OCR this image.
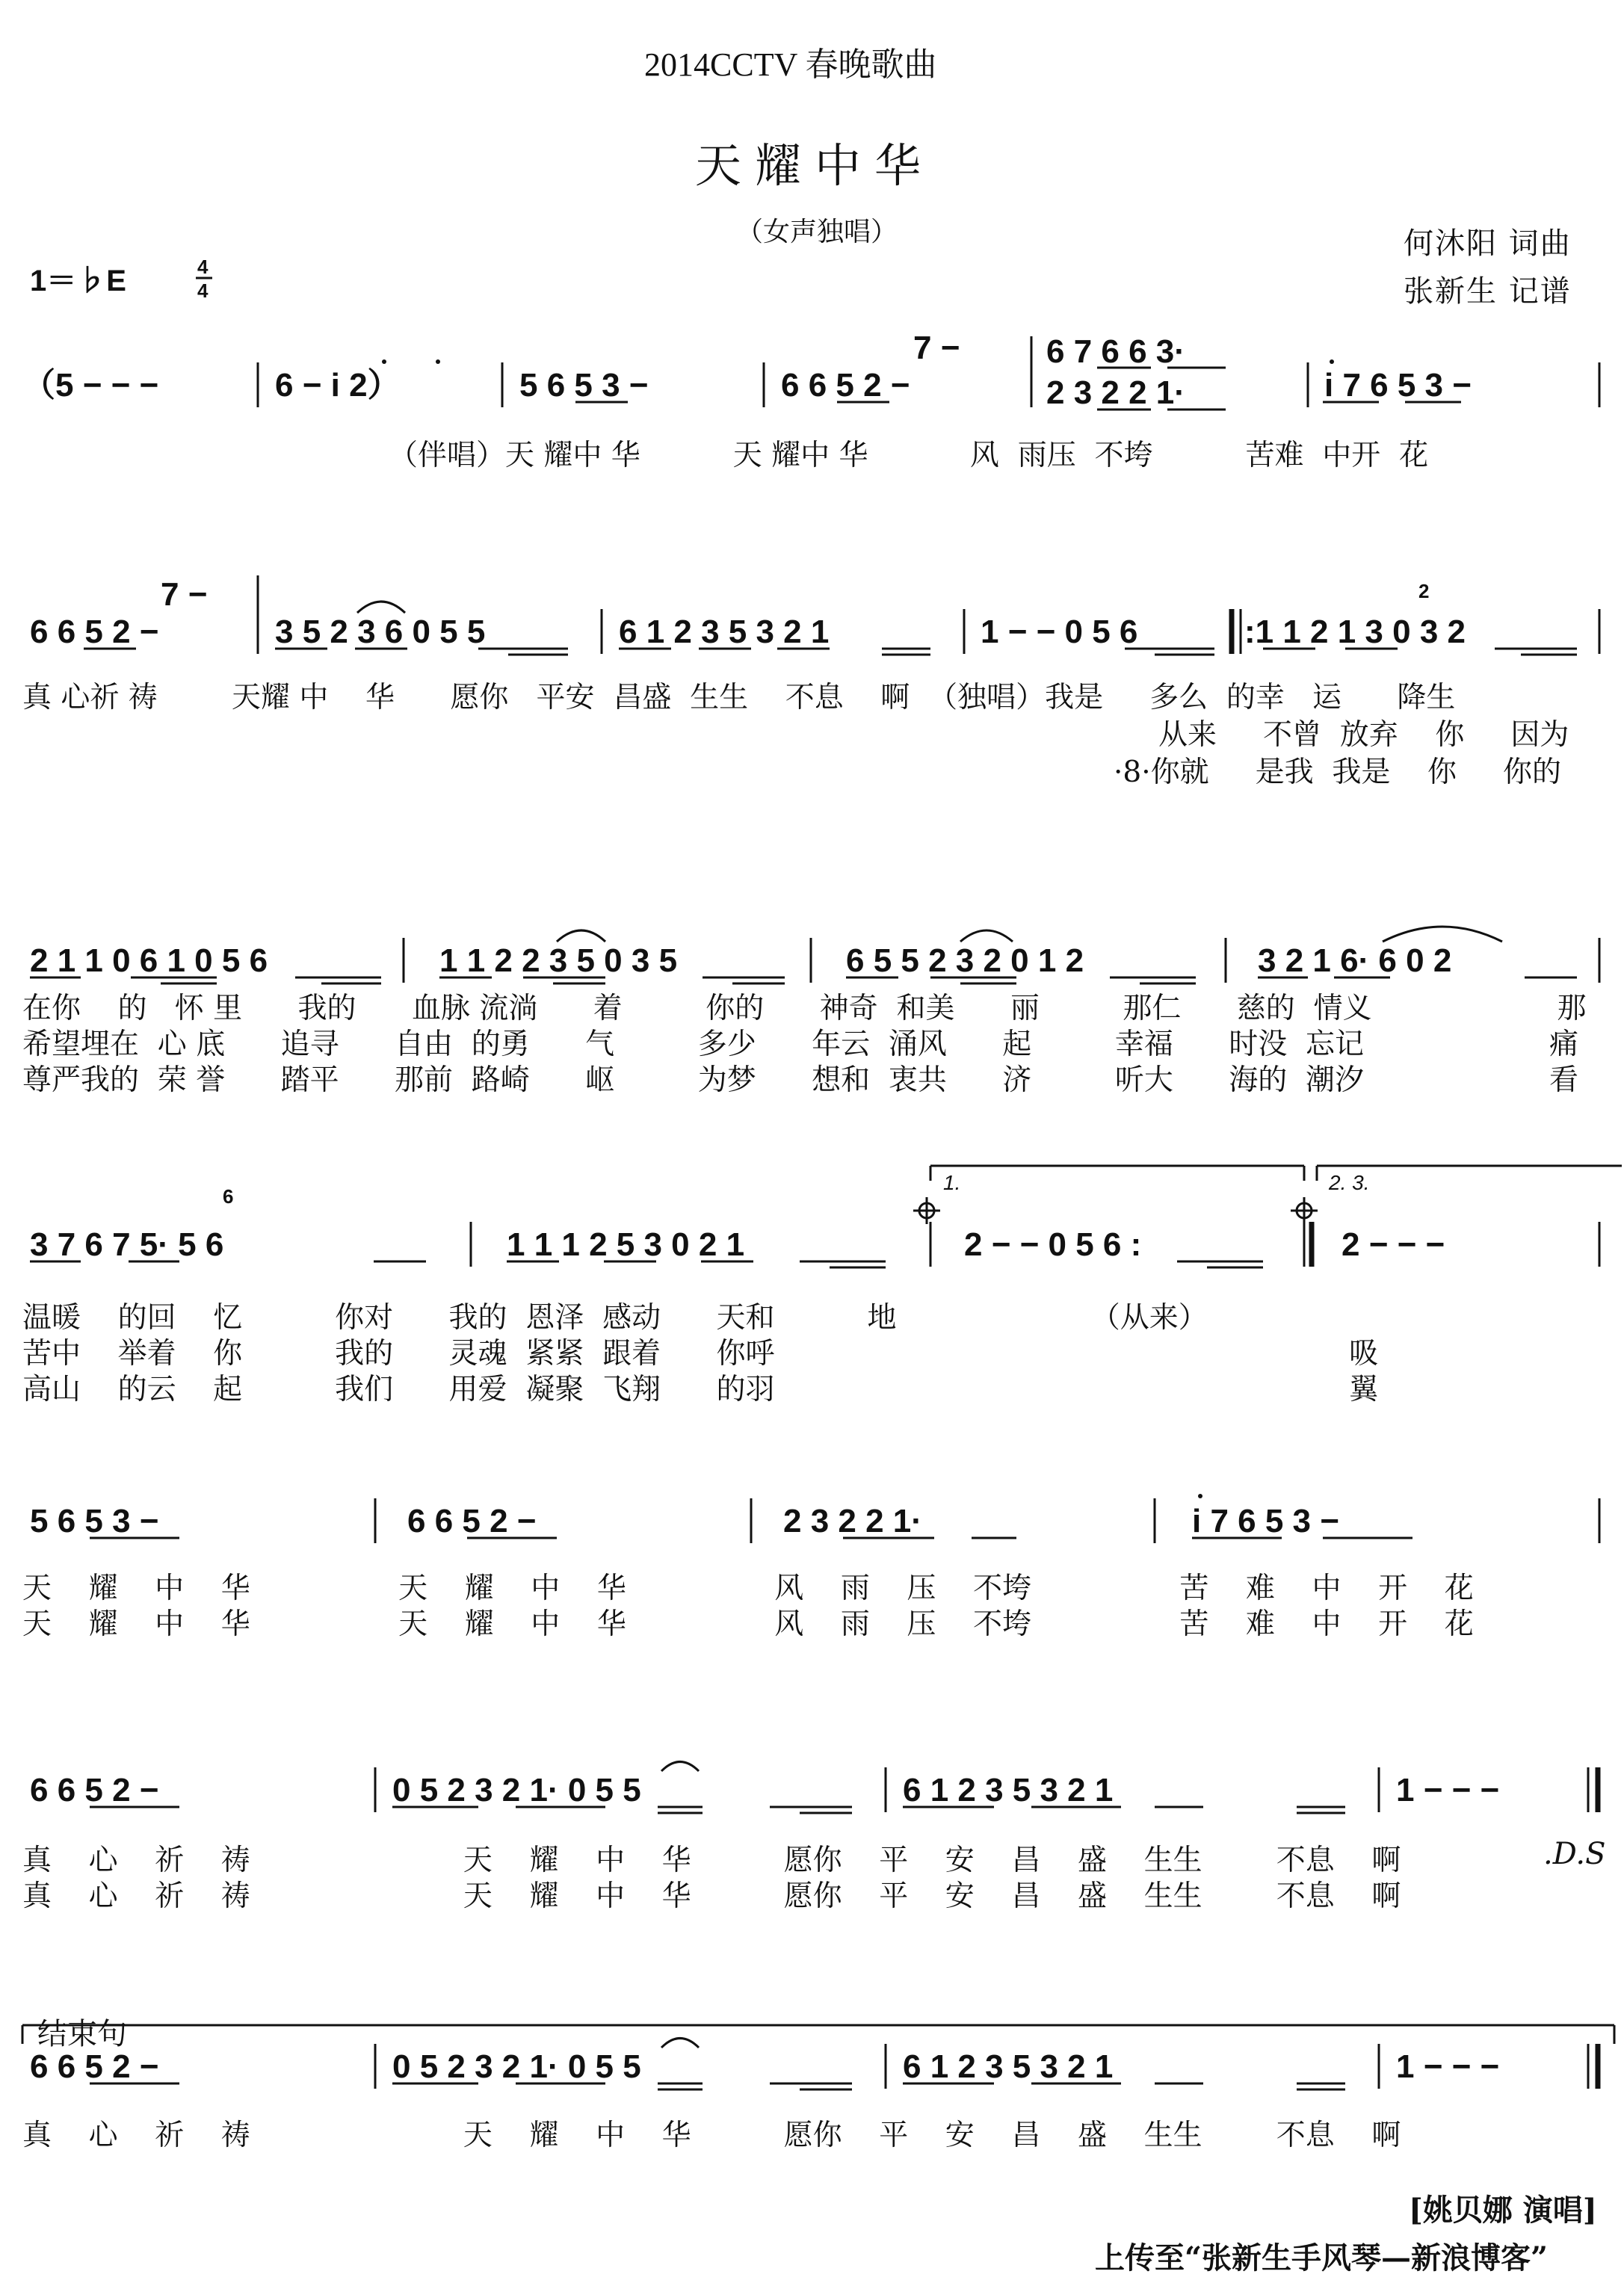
2014CCTV 春晚歌曲
天耀中华
（女声独唱）	何沐阳 词曲
张新生 记谱
1＝♭E	4
4
（5 − − −	6 − i 2）	5 6 5 3 −	6 6 5 2 −
7 −	6 7 6 6 3·
2 3 2 2 1·	i 7 6 5 3 −
（伴唱）天 耀中 华          天 耀中 华           风  雨压  不垮          苦难  中开  花
6 6 5 2 −
7 −
3 5 2 3 6 0 5 5	6 1 2 3 5 3 2 1	1 − − 0 5 6	:1 1 2 1 3 0 3 2
2
真 心祈 祷        天耀 中    华      愿你   平安  昌盛  生生    不息    啊  （独唱）我是     多么  的幸   运      降生
从来     不曾  放弃    你     因为
·8·你就     是我  我是    你     你的
2 1 1 0 6 1 0 5 6	1 1 2 2 3 5 0 3 5	6 5 5 2 3 2 0 1 2	3 2 1 6· 6 0 2
在你    的   怀 里      我的      血脉 流淌      着         你的      神奇  和美      丽         那仁      慈的  情义                    那
希望埋在  心 底      追寻      自由  的勇      气         多少      年云  涌风      起         幸福      时没  忘记                    痛
尊严我的  荣 誉      踏平      那前  路崎      岖         为梦      想和  衷共      济         听大      海的  潮汐                    看
1.	2. 3.
3 7 6 7 5· 5 6
6
1 1 1 2 5 3 0 2 1	2 − − 0 5 6 :	2 − − −
温暖    的回    忆          你对      我的  恩泽  感动      天和          地                     （从来）
苦中    举着    你          我的      灵魂  紧紧  跟着      你呼                                                              吸
高山    的云    起          我们      用爱  凝聚  飞翔      的羽                                                              翼
5 6 5 3 −	6 6 5 2 −	2 3 2 2 1·	i 7 6 5 3 −
天    耀    中    华                天    耀    中    华                风    雨    压    不垮                苦    难    中    开    花
天    耀    中    华                天    耀    中    华                风    雨    压    不垮                苦    难    中    开    花
6 6 5 2 −	0 5 2 3 2 1· 0 5 5	6 1 2 3 5 3 2 1	1 − − −
真    心    祈    祷                       天    耀    中    华          愿你    平    安    昌    盛    生生        不息    啊
真    心    祈    祷                       天    耀    中    华          愿你    平    安    昌    盛    生生        不息    啊
.D.S
结束句
6 6 5 2 −	0 5 2 3 2 1· 0 5 5	6 1 2 3 5 3 2 1	1 − − −
真    心    祈    祷                       天    耀    中    华          愿你    平    安    昌    盛    生生        不息    啊
[姚贝娜 演唱]
上传至“张新生手风琴—新浪博客”
